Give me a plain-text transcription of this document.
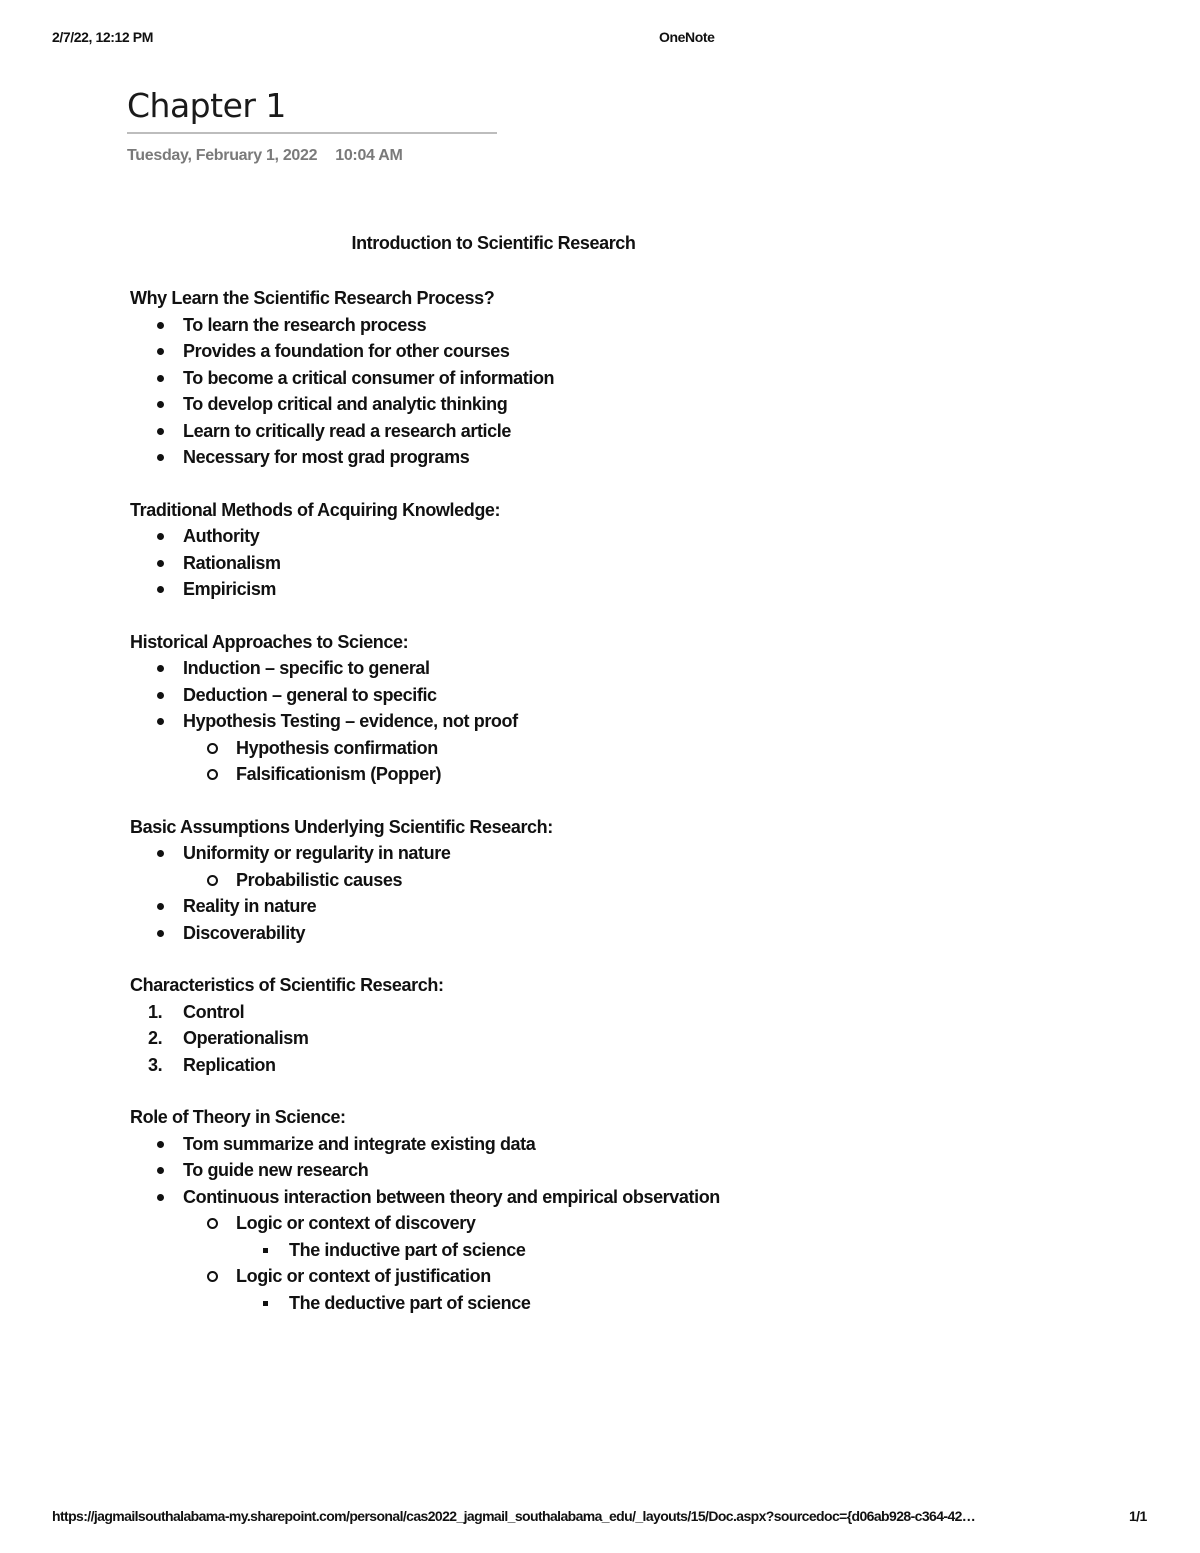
2/7/22, 12:12 PM	OneNote
Chapter 1
Tuesday, February 1, 2022 10:04 AM
Introduction to Scientific Research
Why Learn the Scientific Research Process?
To learn the research process
Provides a foundation for other courses
To become a critical consumer of information
To develop critical and analytic thinking
Learn to critically read a research article
Necessary for most grad programs
Traditional Methods of Acquiring Knowledge:
Authority
Rationalism
Empiricism
Historical Approaches to Science:
Induction – specific to general
Deduction – general to specific
Hypothesis Testing – evidence, not proof
Hypothesis confirmation
Falsificationism (Popper)
Basic Assumptions Underlying Scientific Research:
Uniformity or regularity in nature
Probabilistic causes
Reality in nature
Discoverability
Characteristics of Scientific Research:
1. Control
2. Operationalism
3. Replication
Role of Theory in Science:
Tom summarize and integrate existing data
To guide new research
Continuous interaction between theory and empirical observation
Logic or context of discovery
The inductive part of science
Logic or context of justification
The deductive part of science
https://jagmailsouthalabama-my.sharepoint.com/personal/cas2022_jagmail_southalabama_edu/_layouts/15/Doc.aspx?sourcedoc={d06ab928-c364-42…	1/1
